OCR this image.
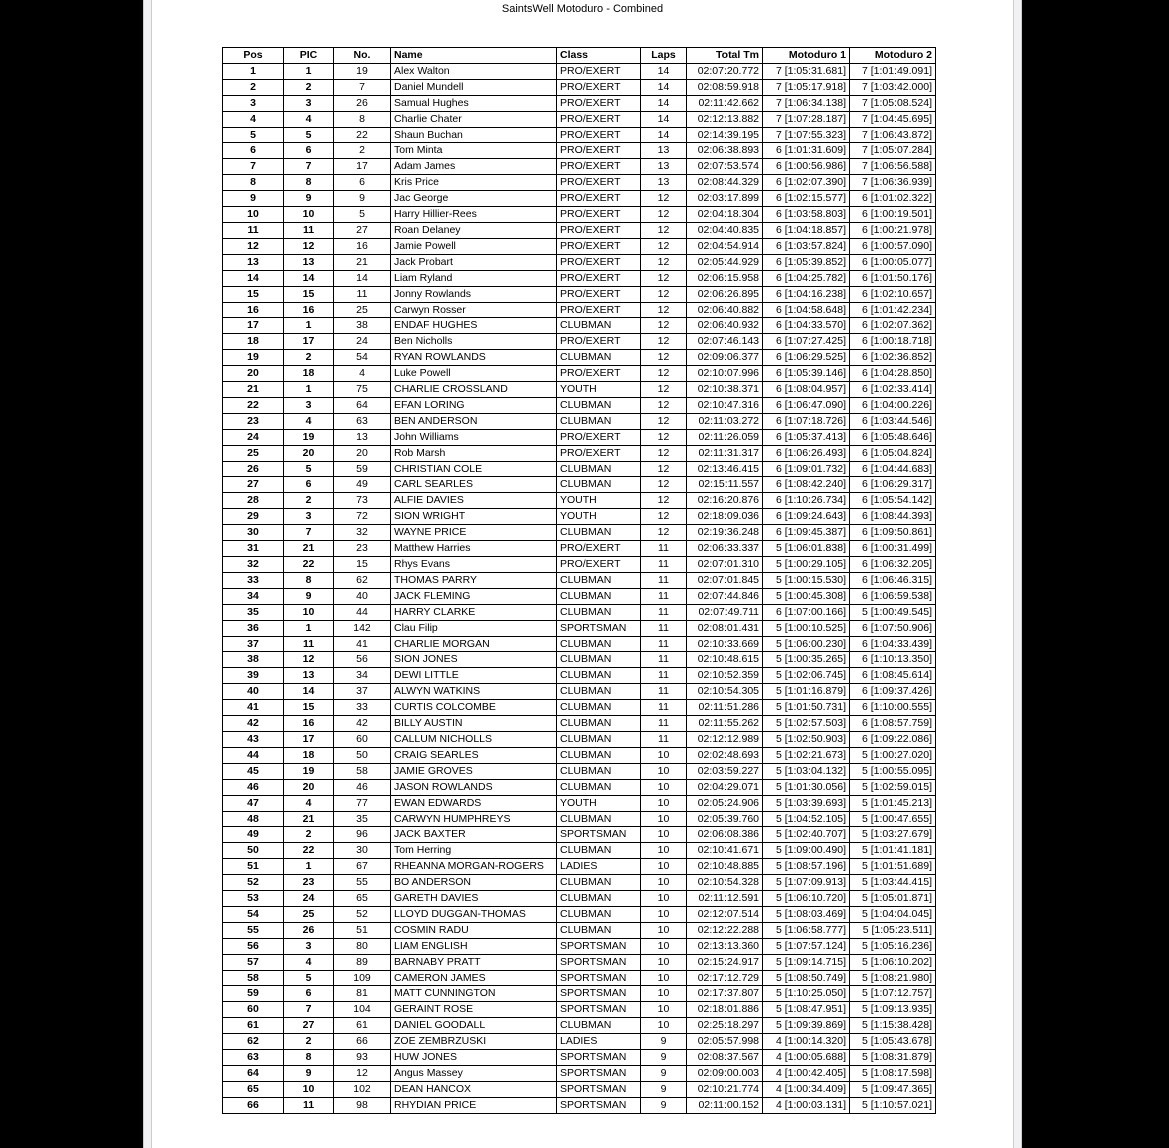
SaintsWell Motoduro - Combined
Pos	PIC	No.	Name	Class	Laps	Total Tm	Motoduro 1	Motoduro 2
1	1	19	Alex Walton	PRO/EXERT	14	02:07:20.772	7 [1:05:31.681]	7 [1:01:49.091]
2	2	7	Daniel Mundell	PRO/EXERT	14	02:08:59.918	7 [1:05:17.918]	7 [1:03:42.000]
3	3	26	Samual Hughes	PRO/EXERT	14	02:11:42.662	7 [1:06:34.138]	7 [1:05:08.524]
4	4	8	Charlie Chater	PRO/EXERT	14	02:12:13.882	7 [1:07:28.187]	7 [1:04:45.695]
5	5	22	Shaun Buchan	PRO/EXERT	14	02:14:39.195	7 [1:07:55.323]	7 [1:06:43.872]
6	6	2	Tom Minta	PRO/EXERT	13	02:06:38.893	6 [1:01:31.609]	7 [1:05:07.284]
7	7	17	Adam James	PRO/EXERT	13	02:07:53.574	6 [1:00:56.986]	7 [1:06:56.588]
8	8	6	Kris Price	PRO/EXERT	13	02:08:44.329	6 [1:02:07.390]	7 [1:06:36.939]
9	9	9	Jac George	PRO/EXERT	12	02:03:17.899	6 [1:02:15.577]	6 [1:01:02.322]
10	10	5	Harry Hillier-Rees	PRO/EXERT	12	02:04:18.304	6 [1:03:58.803]	6 [1:00:19.501]
11	11	27	Roan Delaney	PRO/EXERT	12	02:04:40.835	6 [1:04:18.857]	6 [1:00:21.978]
12	12	16	Jamie Powell	PRO/EXERT	12	02:04:54.914	6 [1:03:57.824]	6 [1:00:57.090]
13	13	21	Jack Probart	PRO/EXERT	12	02:05:44.929	6 [1:05:39.852]	6 [1:00:05.077]
14	14	14	Liam Ryland	PRO/EXERT	12	02:06:15.958	6 [1:04:25.782]	6 [1:01:50.176]
15	15	11	Jonny Rowlands	PRO/EXERT	12	02:06:26.895	6 [1:04:16.238]	6 [1:02:10.657]
16	16	25	Carwyn Rosser	PRO/EXERT	12	02:06:40.882	6 [1:04:58.648]	6 [1:01:42.234]
17	1	38	ENDAF HUGHES	CLUBMAN	12	02:06:40.932	6 [1:04:33.570]	6 [1:02:07.362]
18	17	24	Ben Nicholls	PRO/EXERT	12	02:07:46.143	6 [1:07:27.425]	6 [1:00:18.718]
19	2	54	RYAN ROWLANDS	CLUBMAN	12	02:09:06.377	6 [1:06:29.525]	6 [1:02:36.852]
20	18	4	Luke Powell	PRO/EXERT	12	02:10:07.996	6 [1:05:39.146]	6 [1:04:28.850]
21	1	75	CHARLIE CROSSLAND	YOUTH	12	02:10:38.371	6 [1:08:04.957]	6 [1:02:33.414]
22	3	64	EFAN LORING	CLUBMAN	12	02:10:47.316	6 [1:06:47.090]	6 [1:04:00.226]
23	4	63	BEN ANDERSON	CLUBMAN	12	02:11:03.272	6 [1:07:18.726]	6 [1:03:44.546]
24	19	13	John Williams	PRO/EXERT	12	02:11:26.059	6 [1:05:37.413]	6 [1:05:48.646]
25	20	20	Rob Marsh	PRO/EXERT	12	02:11:31.317	6 [1:06:26.493]	6 [1:05:04.824]
26	5	59	CHRISTIAN COLE	CLUBMAN	12	02:13:46.415	6 [1:09:01.732]	6 [1:04:44.683]
27	6	49	CARL SEARLES	CLUBMAN	12	02:15:11.557	6 [1:08:42.240]	6 [1:06:29.317]
28	2	73	ALFIE DAVIES	YOUTH	12	02:16:20.876	6 [1:10:26.734]	6 [1:05:54.142]
29	3	72	SION WRIGHT	YOUTH	12	02:18:09.036	6 [1:09:24.643]	6 [1:08:44.393]
30	7	32	WAYNE PRICE	CLUBMAN	12	02:19:36.248	6 [1:09:45.387]	6 [1:09:50.861]
31	21	23	Matthew Harries	PRO/EXERT	11	02:06:33.337	5 [1:06:01.838]	6 [1:00:31.499]
32	22	15	Rhys Evans	PRO/EXERT	11	02:07:01.310	5 [1:00:29.105]	6 [1:06:32.205]
33	8	62	THOMAS PARRY	CLUBMAN	11	02:07:01.845	5 [1:00:15.530]	6 [1:06:46.315]
34	9	40	JACK FLEMING	CLUBMAN	11	02:07:44.846	5 [1:00:45.308]	6 [1:06:59.538]
35	10	44	HARRY CLARKE	CLUBMAN	11	02:07:49.711	6 [1:07:00.166]	5 [1:00:49.545]
36	1	142	Clau Filip	SPORTSMAN	11	02:08:01.431	5 [1:00:10.525]	6 [1:07:50.906]
37	11	41	CHARLIE MORGAN	CLUBMAN	11	02:10:33.669	5 [1:06:00.230]	6 [1:04:33.439]
38	12	56	SION JONES	CLUBMAN	11	02:10:48.615	5 [1:00:35.265]	6 [1:10:13.350]
39	13	34	DEWI LITTLE	CLUBMAN	11	02:10:52.359	5 [1:02:06.745]	6 [1:08:45.614]
40	14	37	ALWYN WATKINS	CLUBMAN	11	02:10:54.305	5 [1:01:16.879]	6 [1:09:37.426]
41	15	33	CURTIS COLCOMBE	CLUBMAN	11	02:11:51.286	5 [1:01:50.731]	6 [1:10:00.555]
42	16	42	BILLY AUSTIN	CLUBMAN	11	02:11:55.262	5 [1:02:57.503]	6 [1:08:57.759]
43	17	60	CALLUM NICHOLLS	CLUBMAN	11	02:12:12.989	5 [1:02:50.903]	6 [1:09:22.086]
44	18	50	CRAIG SEARLES	CLUBMAN	10	02:02:48.693	5 [1:02:21.673]	5 [1:00:27.020]
45	19	58	JAMIE GROVES	CLUBMAN	10	02:03:59.227	5 [1:03:04.132]	5 [1:00:55.095]
46	20	46	JASON ROWLANDS	CLUBMAN	10	02:04:29.071	5 [1:01:30.056]	5 [1:02:59.015]
47	4	77	EWAN EDWARDS	YOUTH	10	02:05:24.906	5 [1:03:39.693]	5 [1:01:45.213]
48	21	35	CARWYN HUMPHREYS	CLUBMAN	10	02:05:39.760	5 [1:04:52.105]	5 [1:00:47.655]
49	2	96	JACK BAXTER	SPORTSMAN	10	02:06:08.386	5 [1:02:40.707]	5 [1:03:27.679]
50	22	30	Tom Herring	CLUBMAN	10	02:10:41.671	5 [1:09:00.490]	5 [1:01:41.181]
51	1	67	RHEANNA MORGAN-ROGERS	LADIES	10	02:10:48.885	5 [1:08:57.196]	5 [1:01:51.689]
52	23	55	BO ANDERSON	CLUBMAN	10	02:10:54.328	5 [1:07:09.913]	5 [1:03:44.415]
53	24	65	GARETH DAVIES	CLUBMAN	10	02:11:12.591	5 [1:06:10.720]	5 [1:05:01.871]
54	25	52	LLOYD DUGGAN-THOMAS	CLUBMAN	10	02:12:07.514	5 [1:08:03.469]	5 [1:04:04.045]
55	26	51	COSMIN RADU	CLUBMAN	10	02:12:22.288	5 [1:06:58.777]	5 [1:05:23.511]
56	3	80	LIAM ENGLISH	SPORTSMAN	10	02:13:13.360	5 [1:07:57.124]	5 [1:05:16.236]
57	4	89	BARNABY PRATT	SPORTSMAN	10	02:15:24.917	5 [1:09:14.715]	5 [1:06:10.202]
58	5	109	CAMERON JAMES	SPORTSMAN	10	02:17:12.729	5 [1:08:50.749]	5 [1:08:21.980]
59	6	81	MATT CUNNINGTON	SPORTSMAN	10	02:17:37.807	5 [1:10:25.050]	5 [1:07:12.757]
60	7	104	GERAINT ROSE	SPORTSMAN	10	02:18:01.886	5 [1:08:47.951]	5 [1:09:13.935]
61	27	61	DANIEL GOODALL	CLUBMAN	10	02:25:18.297	5 [1:09:39.869]	5 [1:15:38.428]
62	2	66	ZOE ZEMBRZUSKI	LADIES	9	02:05:57.998	4 [1:00:14.320]	5 [1:05:43.678]
63	8	93	HUW JONES	SPORTSMAN	9	02:08:37.567	4 [1:00:05.688]	5 [1:08:31.879]
64	9	12	Angus Massey	SPORTSMAN	9	02:09:00.003	4 [1:00:42.405]	5 [1:08:17.598]
65	10	102	DEAN HANCOX	SPORTSMAN	9	02:10:21.774	4 [1:00:34.409]	5 [1:09:47.365]
66	11	98	RHYDIAN PRICE	SPORTSMAN	9	02:11:00.152	4 [1:00:03.131]	5 [1:10:57.021]
